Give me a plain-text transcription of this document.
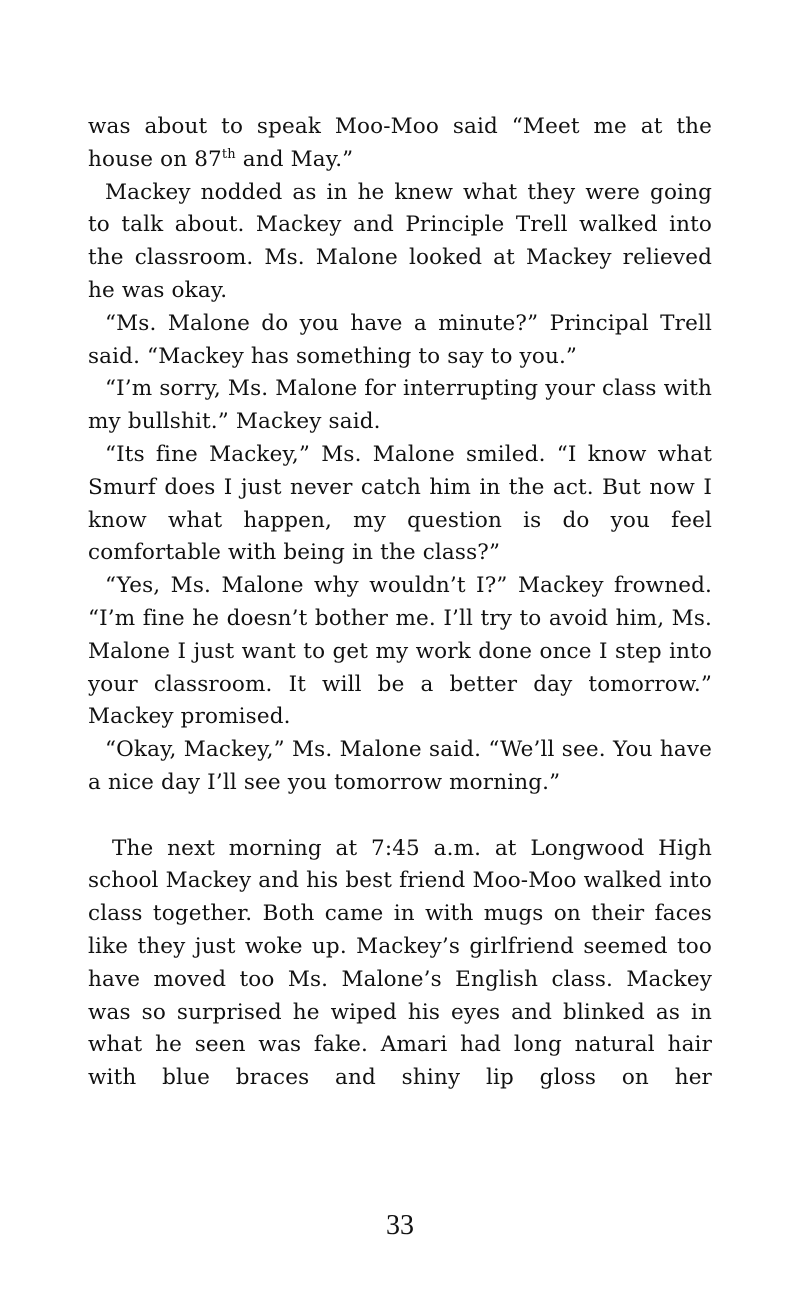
was about to speak Moo-Moo said “Meet me at the house on 87th and May.”

Mackey nodded as in he knew what they were going to talk about. Mackey and Principle Trell walked into the classroom. Ms. Malone looked at Mackey relieved he was okay.

“Ms. Malone do you have a minute?” Principal Trell said. “Mackey has something to say to you.”

“I’m sorry, Ms. Malone for interrupting your class with my bullshit.” Mackey said.

“Its fine Mackey,” Ms. Malone smiled. “I know what Smurf does I just never catch him in the act. But now I know what happen, my question is do you feel comfortable with being in the class?”

“Yes, Ms. Malone why wouldn’t I?” Mackey frowned. “I’m fine he doesn’t bother me. I’ll try to avoid him, Ms. Malone I just want to get my work done once I step into your classroom. It will be a better day tomorrow.” Mackey promised.

“Okay, Mackey,” Ms. Malone said. “We’ll see. You have a nice day I’ll see you tomorrow morning.”

The next morning at 7:45 a.m. at Longwood High school Mackey and his best friend Moo-Moo walked into class together. Both came in with mugs on their faces like they just woke up. Mackey’s girlfriend seemed too have moved too Ms. Malone’s English class. Mackey was so surprised he wiped his eyes and blinked as in what he seen was fake. Amari had long natural hair with blue braces and shiny lip gloss on her

33
